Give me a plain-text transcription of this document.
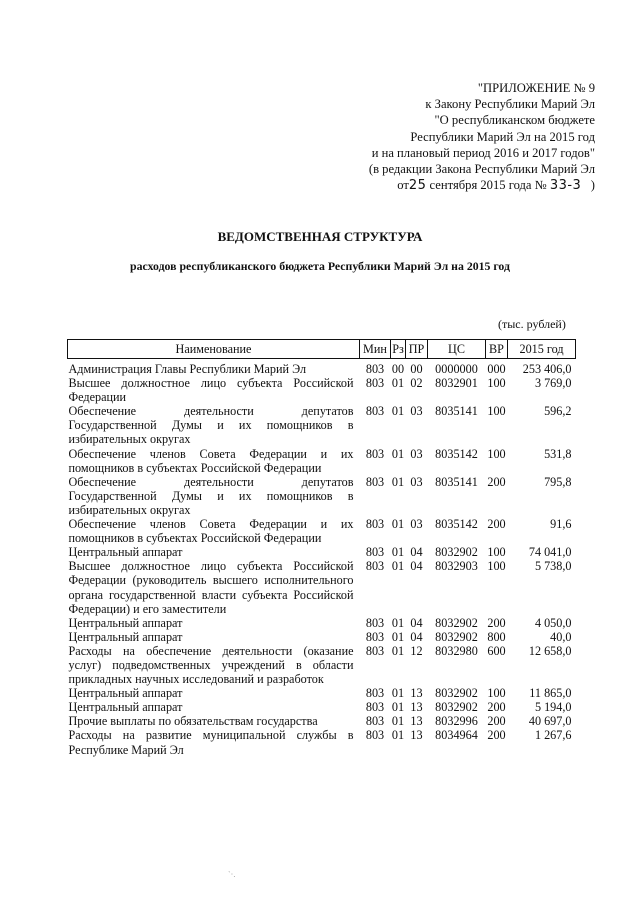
"ПРИЛОЖЕНИЕ № 9
к Закону Республики Марий Эл
"О республиканском бюджете
Республики Марий Эл на 2015 год
и на плановый период 2016 и 2017 годов"
(в редакции Закона Республики Марий Эл
от25 сентября 2015 года № 33-3 )
ВЕДОМСТВЕННАЯ СТРУКТУРА
расходов республиканского бюджета Республики Марий Эл на 2015 год
(тыс. рублей)
Наименование	Мин	Рз	ПР	ЦС	ВР	2015 год
Администрация Главы Республики Марий Эл	803	00	00	0000000	000	253 406,0
Высшее должностное лицо субъекта Российской Федерации	803	01	02	8032901	100	3 769,0
Обеспечение деятельности депутатов Государственной Думы и их помощников в избирательных округах	803	01	03	8035141	100	596,2
Обеспечение членов Совета Федерации и их помощников в субъектах Российской Федерации	803	01	03	8035142	100	531,8
Обеспечение деятельности депутатов Государственной Думы и их помощников в избирательных округах	803	01	03	8035141	200	795,8
Обеспечение членов Совета Федерации и их помощников в субъектах Российской Федерации	803	01	03	8035142	200	91,6
Центральный аппарат	803	01	04	8032902	100	74 041,0
Высшее должностное лицо субъекта Российской Федерации (руководитель высшего исполнительного органа государственной власти субъекта Российской Федерации) и его заместители	803	01	04	8032903	100	5 738,0
Центральный аппарат	803	01	04	8032902	200	4 050,0
Центральный аппарат	803	01	04	8032902	800	40,0
Расходы на обеспечение деятельности (оказание услуг) подведомственных учреждений в области прикладных научных исследований и разработок	803	01	12	8032980	600	12 658,0
Центральный аппарат	803	01	13	8032902	100	11 865,0
Центральный аппарат	803	01	13	8032902	200	5 194,0
Прочие выплаты по обязательствам государства	803	01	13	8032996	200	40 697,0
Расходы на развитие муниципальной службы в Республике Марий Эл	803	01	13	8034964	200	1 267,6
`·.
